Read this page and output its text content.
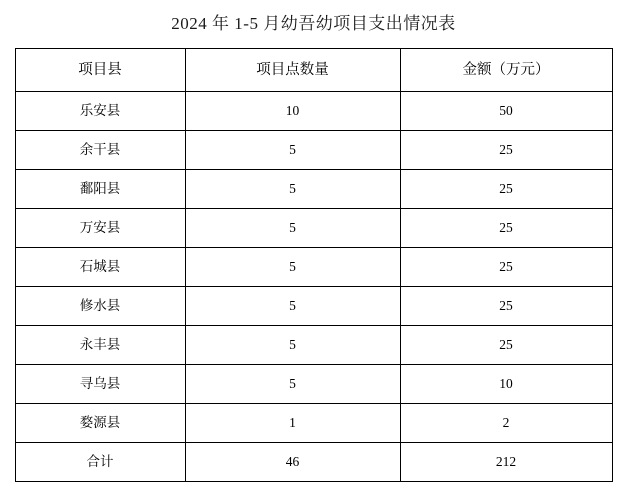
2024 年 1-5 月幼吾幼项目支出情况表
项目县	项目点数量	金额（万元）
乐安县	10	50
余干县	5	25
鄱阳县	5	25
万安县	5	25
石城县	5	25
修水县	5	25
永丰县	5	25
寻乌县	5	10
婺源县	1	2
合计	46	212
